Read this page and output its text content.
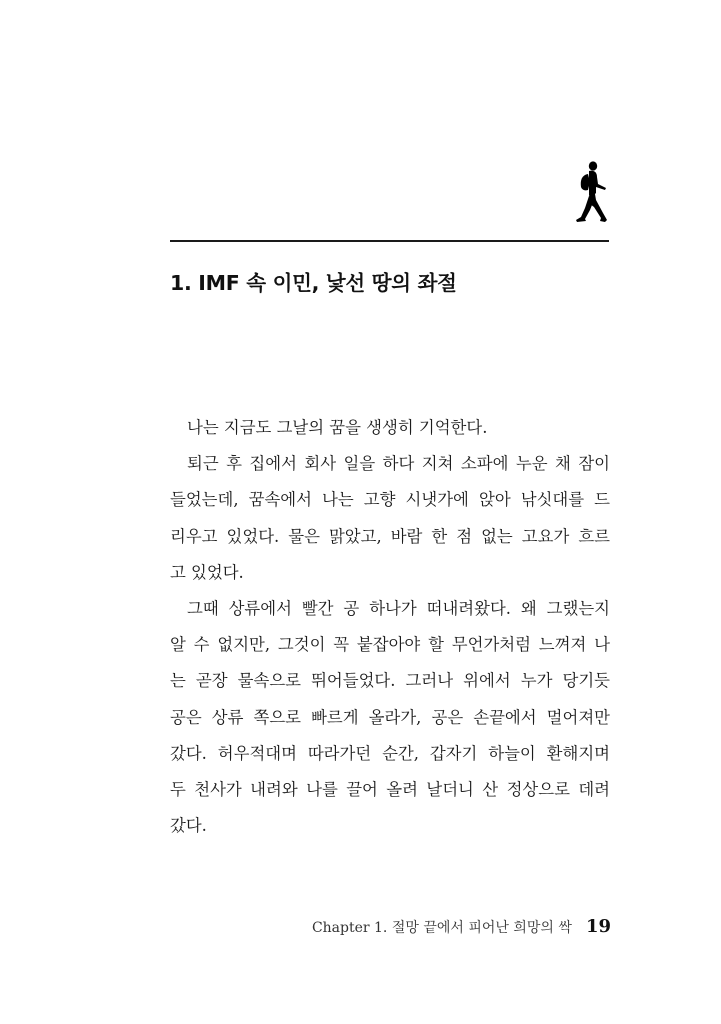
1. IMF 속 이민, 낯선 땅의 좌절
나는 지금도 그날의 꿈을 생생히 기억한다.
퇴근 후 집에서 회사 일을 하다 지쳐 소파에 누운 채 잠이
들었는데, 꿈속에서 나는 고향 시냇가에 앉아 낚싯대를 드
리우고 있었다. 물은 맑았고, 바람 한 점 없는 고요가 흐르
고 있었다.
그때 상류에서 빨간 공 하나가 떠내려왔다. 왜 그랬는지
알 수 없지만, 그것이 꼭 붙잡아야 할 무언가처럼 느껴져 나
는 곧장 물속으로 뛰어들었다. 그러나 위에서 누가 당기듯
공은 상류 쪽으로 빠르게 올라가, 공은 손끝에서 멀어져만
갔다. 허우적대며 따라가던 순간, 갑자기 하늘이 환해지며
두 천사가 내려와 나를 끌어 올려 날더니 산 정상으로 데려
갔다.
Chapter 1. 절망 끝에서 피어난 희망의 싹 19
